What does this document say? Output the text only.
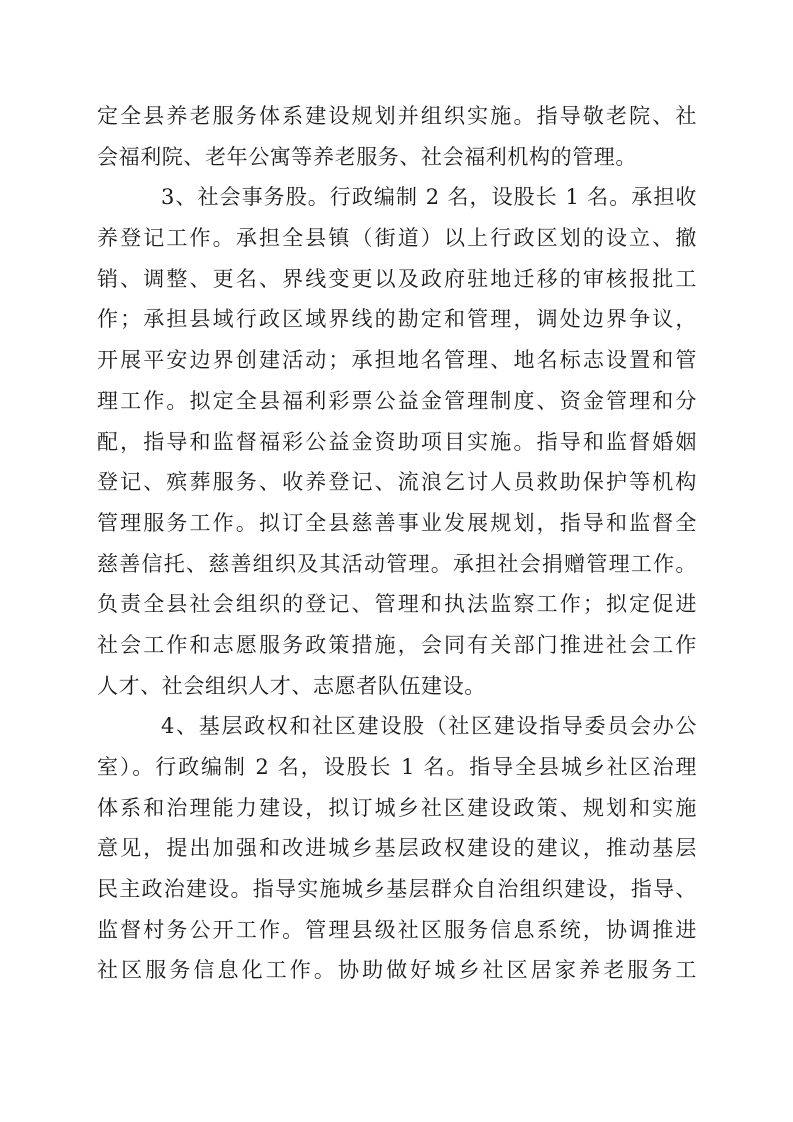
定全县养老服务体系建设规划并组织实施。指导敬老院、社
会福利院、老年公寓等养老服务、社会福利机构的管理。
3、社会事务股。行政编制 2 名，设股长 1 名。承担收
养登记工作。承担全县镇（街道）以上行政区划的设立、撤
销、调整、更名、界线变更以及政府驻地迁移的审核报批工
作；承担县域行政区域界线的勘定和管理，调处边界争议，
开展平安边界创建活动；承担地名管理、地名标志设置和管
理工作。拟定全县福利彩票公益金管理制度、资金管理和分
配，指导和监督福彩公益金资助项目实施。指导和监督婚姻
登记、殡葬服务、收养登记、流浪乞讨人员救助保护等机构
管理服务工作。拟订全县慈善事业发展规划，指导和监督全
慈善信托、慈善组织及其活动管理。承担社会捐赠管理工作。
负责全县社会组织的登记、管理和执法监察工作；拟定促进
社会工作和志愿服务政策措施，会同有关部门推进社会工作
人才、社会组织人才、志愿者队伍建设。
4、基层政权和社区建设股（社区建设指导委员会办公
室）。行政编制 2 名，设股长 1 名。指导全县城乡社区治理
体系和治理能力建设，拟订城乡社区建设政策、规划和实施
意见，提出加强和改进城乡基层政权建设的建议，推动基层
民主政治建设。指导实施城乡基层群众自治组织建设，指导、
监督村务公开工作。管理县级社区服务信息系统，协调推进
社区服务信息化工作。协助做好城乡社区居家养老服务工
